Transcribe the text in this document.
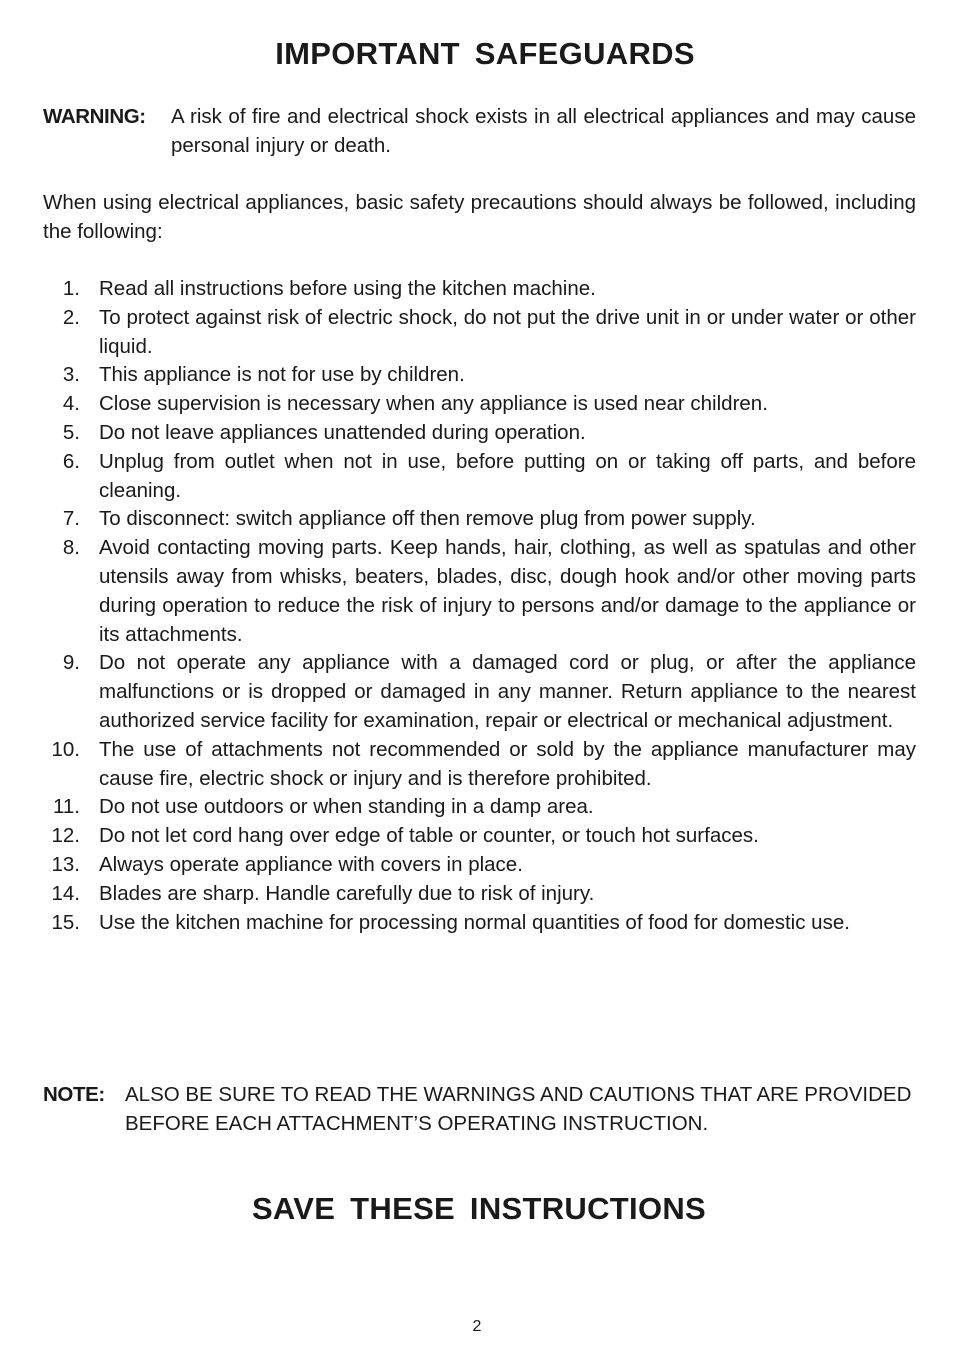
IMPORTANT SAFEGUARDS
WARNING: A risk of fire and electrical shock exists in all electrical appliances and may cause personal injury or death.

When using electrical appliances, basic safety precautions should always be followed, including the following:

1. Read all instructions before using the kitchen machine.
2. To protect against risk of electric shock, do not put the drive unit in or under water or other liquid.
3. This appliance is not for use by children.
4. Close supervision is necessary when any appliance is used near children.
5. Do not leave appliances unattended during operation.
6. Unplug from outlet when not in use, before putting on or taking off parts, and before cleaning.
7. To disconnect: switch appliance off then remove plug from power supply.
8. Avoid contacting moving parts. Keep hands, hair, clothing, as well as spatulas and other utensils away from whisks, beaters, blades, disc, dough hook and/or other moving parts during operation to reduce the risk of injury to persons and/or damage to the appliance or its attachments.
9. Do not operate any appliance with a damaged cord or plug, or after the appliance malfunctions or is dropped or damaged in any manner. Return appliance to the nearest authorized service facility for examination, repair or electrical or mechanical adjustment.
10. The use of attachments not recommended or sold by the appliance manufacturer may cause fire, electric shock or injury and is therefore prohibited.
11. Do not use outdoors or when standing in a damp area.
12. Do not let cord hang over edge of table or counter, or touch hot surfaces.
13. Always operate appliance with covers in place.
14. Blades are sharp. Handle carefully due to risk of injury.
15. Use the kitchen machine for processing normal quantities of food for domestic use.
NOTE: ALSO BE SURE TO READ THE WARNINGS AND CAUTIONS THAT ARE PROVIDED BEFORE EACH ATTACHMENT’S OPERATING INSTRUCTION.
SAVE THESE INSTRUCTIONS
2
